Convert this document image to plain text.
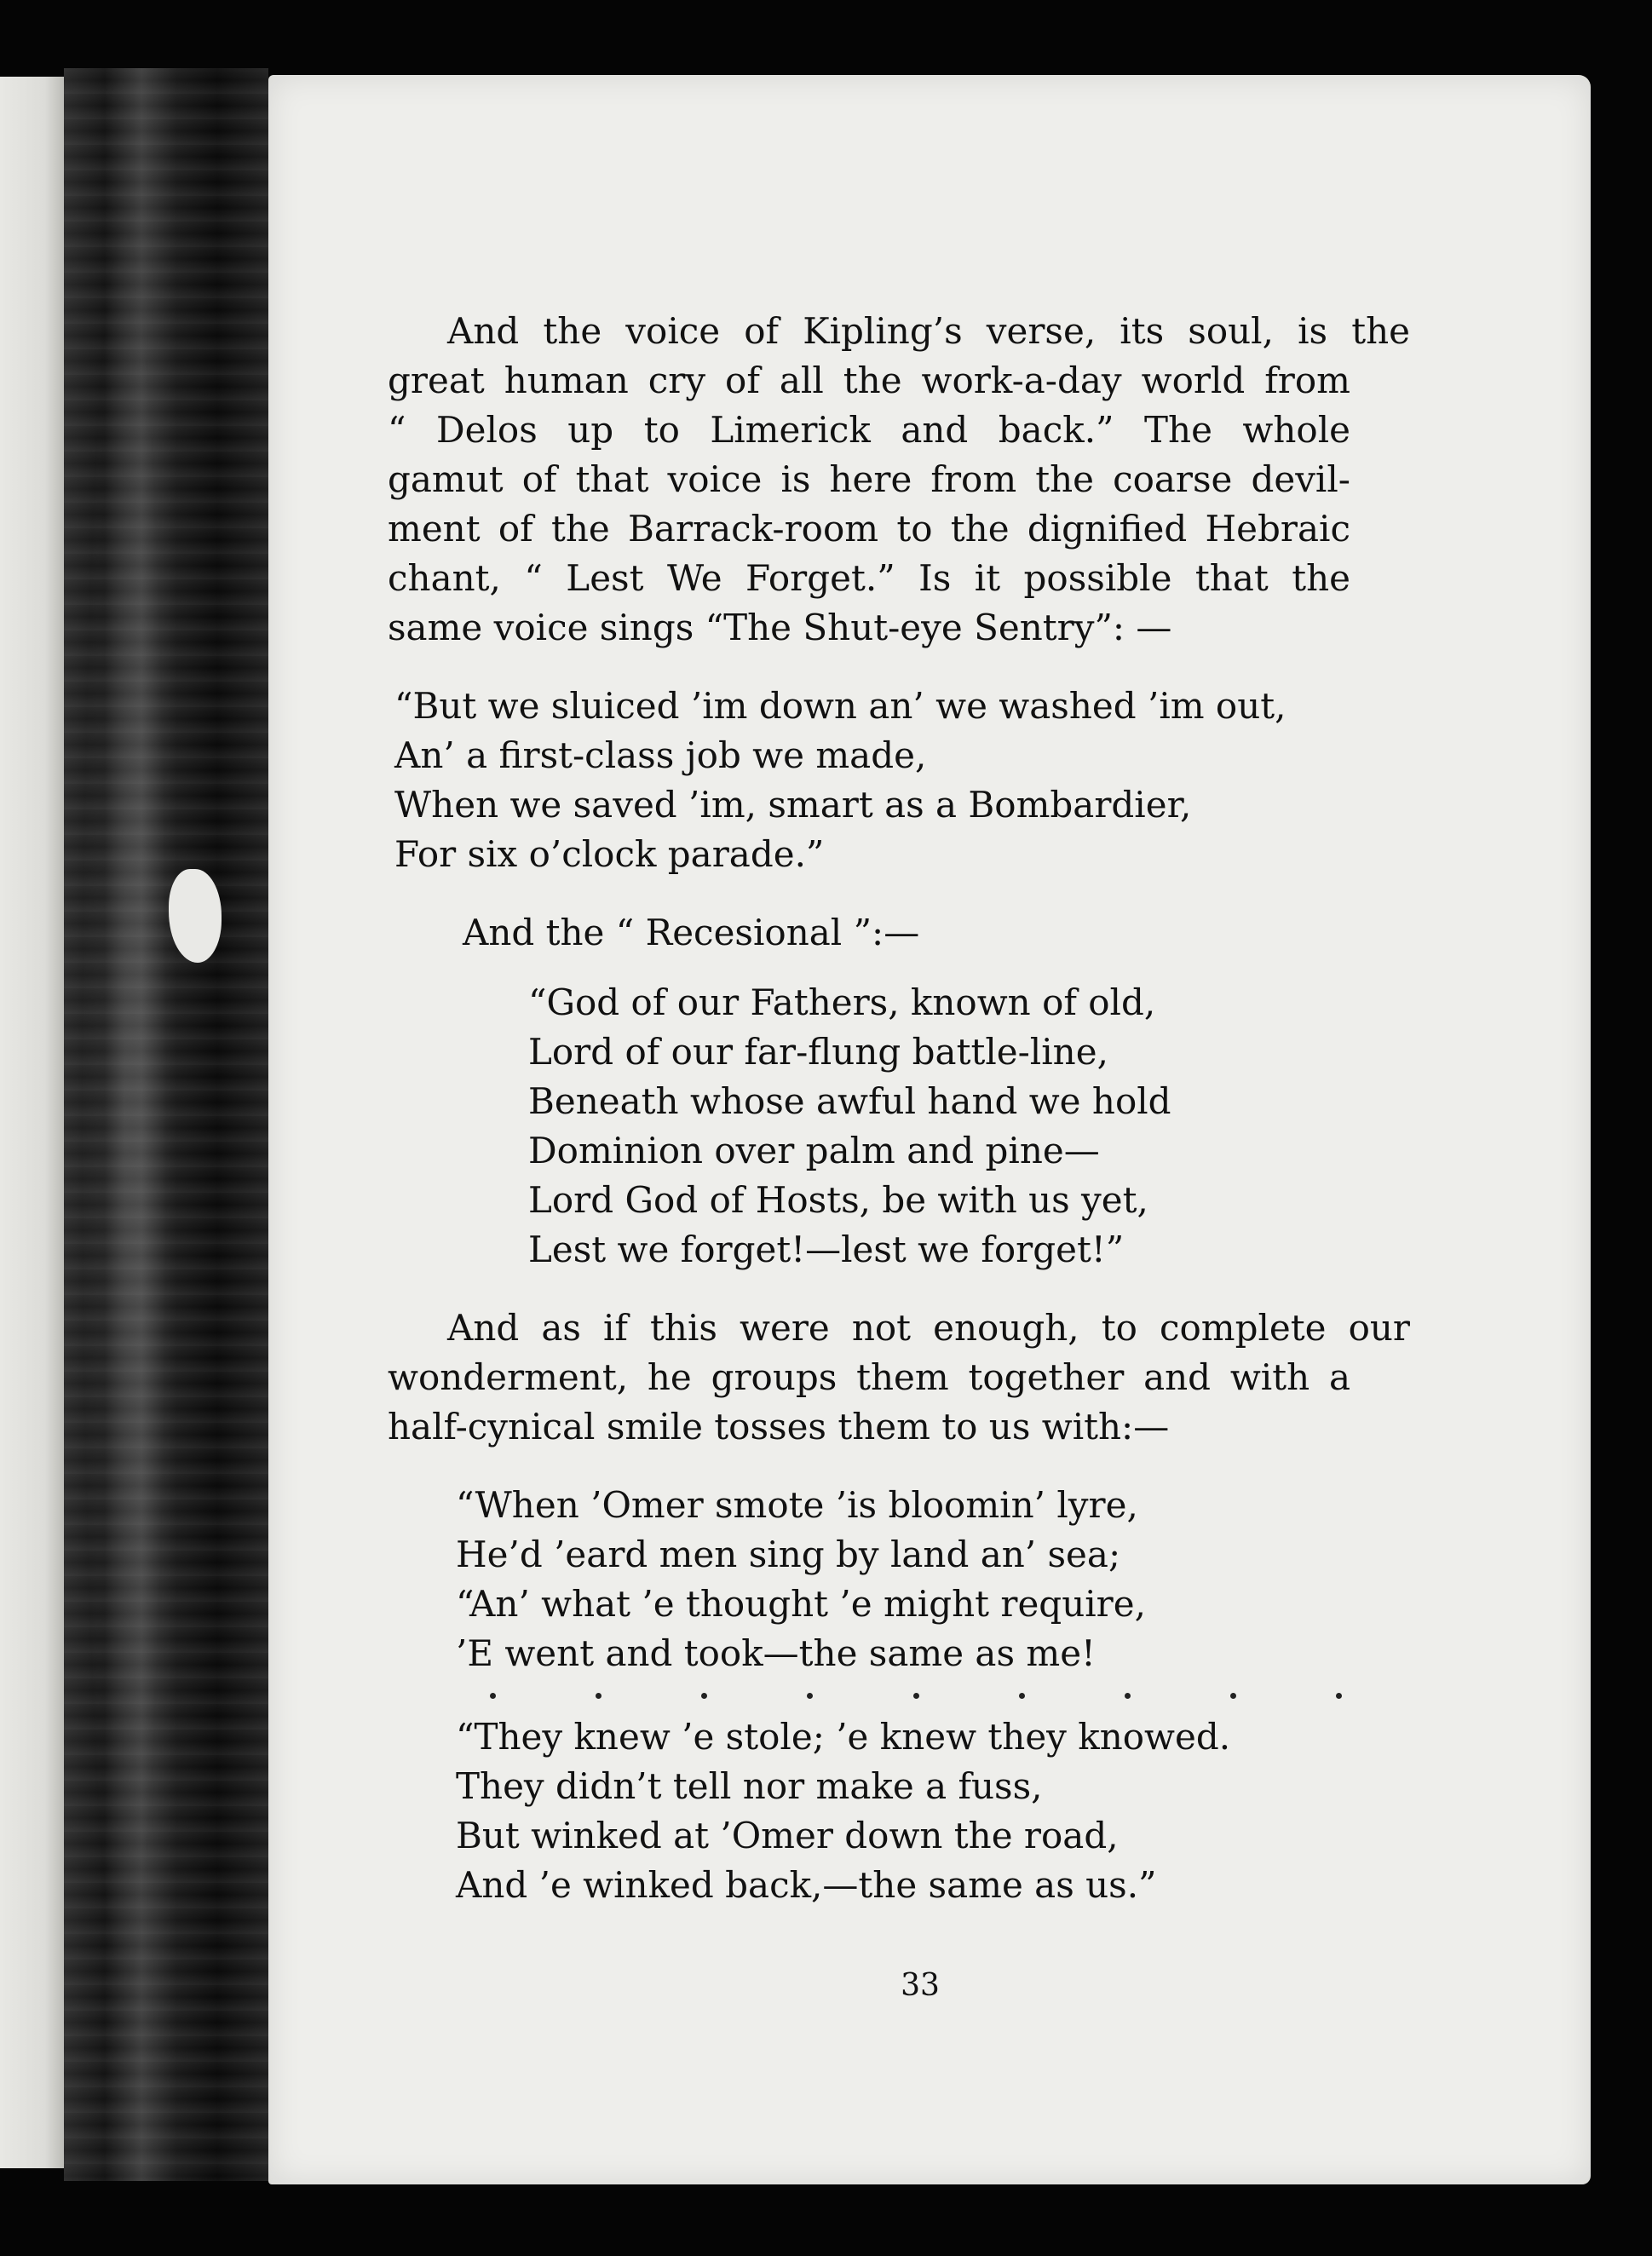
And the voice of Kipling’s verse, its soul, is the
great human cry of all the work-a-day world from
“ Delos up to Limerick and back.” The whole
gamut of that voice is here from the coarse devil-
ment of the Barrack-room to the dignified Hebraic
chant, “ Lest We Forget.” Is it possible that the
same voice sings “The Shut-eye Sentry”: —
“But we sluiced ’im down an’ we washed ’im out,
An’ a first-class job we made,
When we saved ’im, smart as a Bombardier,
For six o’clock parade.”
And the “ Recesional ”:—
“God of our Fathers, known of old,
Lord of our far-flung battle-line,
Beneath whose awful hand we hold
Dominion over palm and pine—
Lord God of Hosts, be with us yet,
Lest we forget!—lest we forget!”
And as if this were not enough, to complete our
wonderment, he groups them together and with a
half-cynical smile tosses them to us with:—
“When ’Omer smote ’is bloomin’ lyre,
He’d ’eard men sing by land an’ sea;
“An’ what ’e thought ’e might require,
’E went and took—the same as me!
“They knew ’e stole; ’e knew they knowed.
They didn’t tell nor make a fuss,
But winked at ’Omer down the road,
And ’e winked back,—the same as us.”
33
